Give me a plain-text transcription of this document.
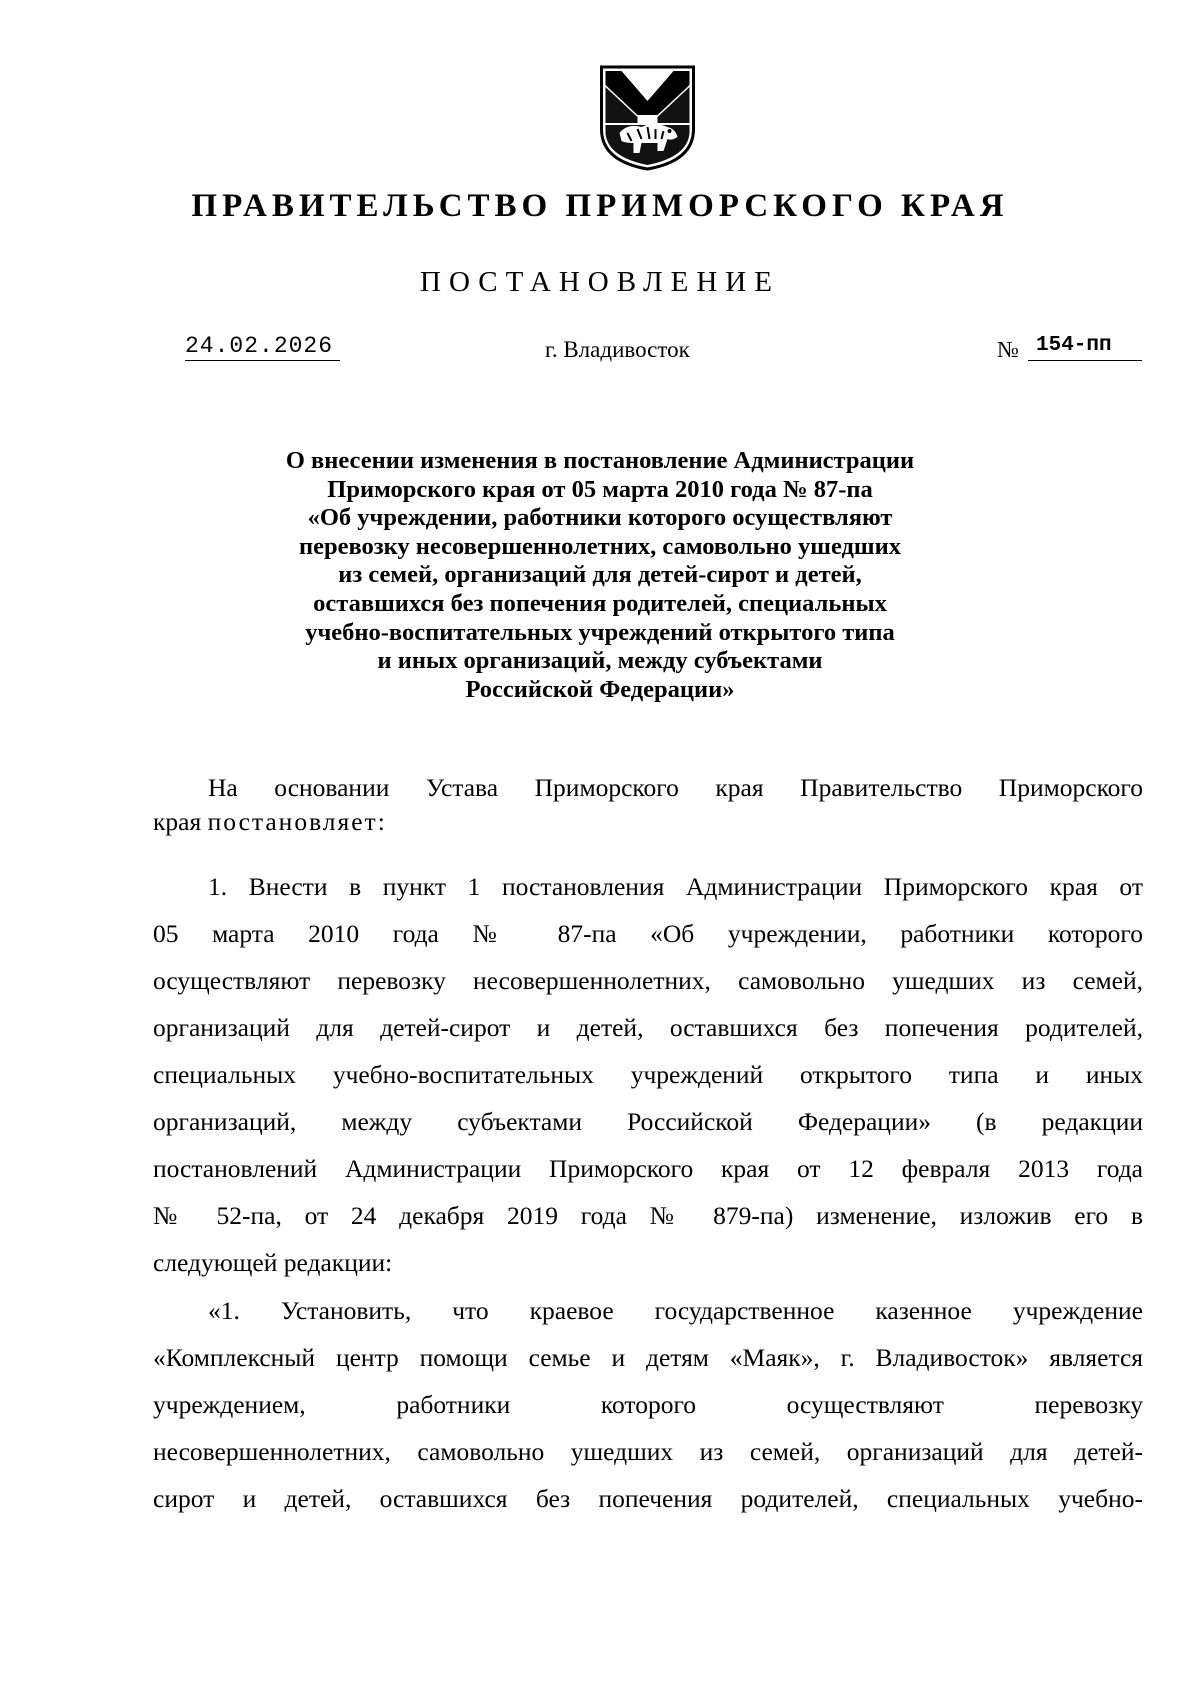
ПРАВИТЕЛЬСТВО ПРИМОРСКОГО КРАЯ
ПОСТАНОВЛЕНИЕ
24.02.2026	г. Владивосток	№ 154-пп
О внесении изменения в постановление Администрации
Приморского края от 05 марта 2010 года № 87-па
«Об учреждении, работники которого осуществляют
перевозку несовершеннолетних, самовольно ушедших
из семей, организаций для детей-сирот и детей,
оставшихся без попечения родителей, специальных
учебно-воспитательных учреждений открытого типа
и иных организаций, между субъектами
Российской Федерации»
На основании Устава Приморского края Правительство Приморского
края постановляет:
1. Внести в пункт 1 постановления Администрации Приморского края от
05 марта 2010 года № 87-па «Об учреждении, работники которого
осуществляют перевозку несовершеннолетних, самовольно ушедших из семей,
организаций для детей-сирот и детей, оставшихся без попечения родителей,
специальных учебно-воспитательных учреждений открытого типа и иных
организаций, между субъектами Российской Федерации» (в редакции
постановлений Администрации Приморского края от 12 февраля 2013 года
№ 52-па, от 24 декабря 2019 года № 879-па) изменение, изложив его в
следующей редакции:
«1. Установить, что краевое государственное казенное учреждение
«Комплексный центр помощи семье и детям «Маяк», г. Владивосток» является
учреждением, работники которого осуществляют перевозку
несовершеннолетних, самовольно ушедших из семей, организаций для детей-
сирот и детей, оставшихся без попечения родителей, специальных учебно-
